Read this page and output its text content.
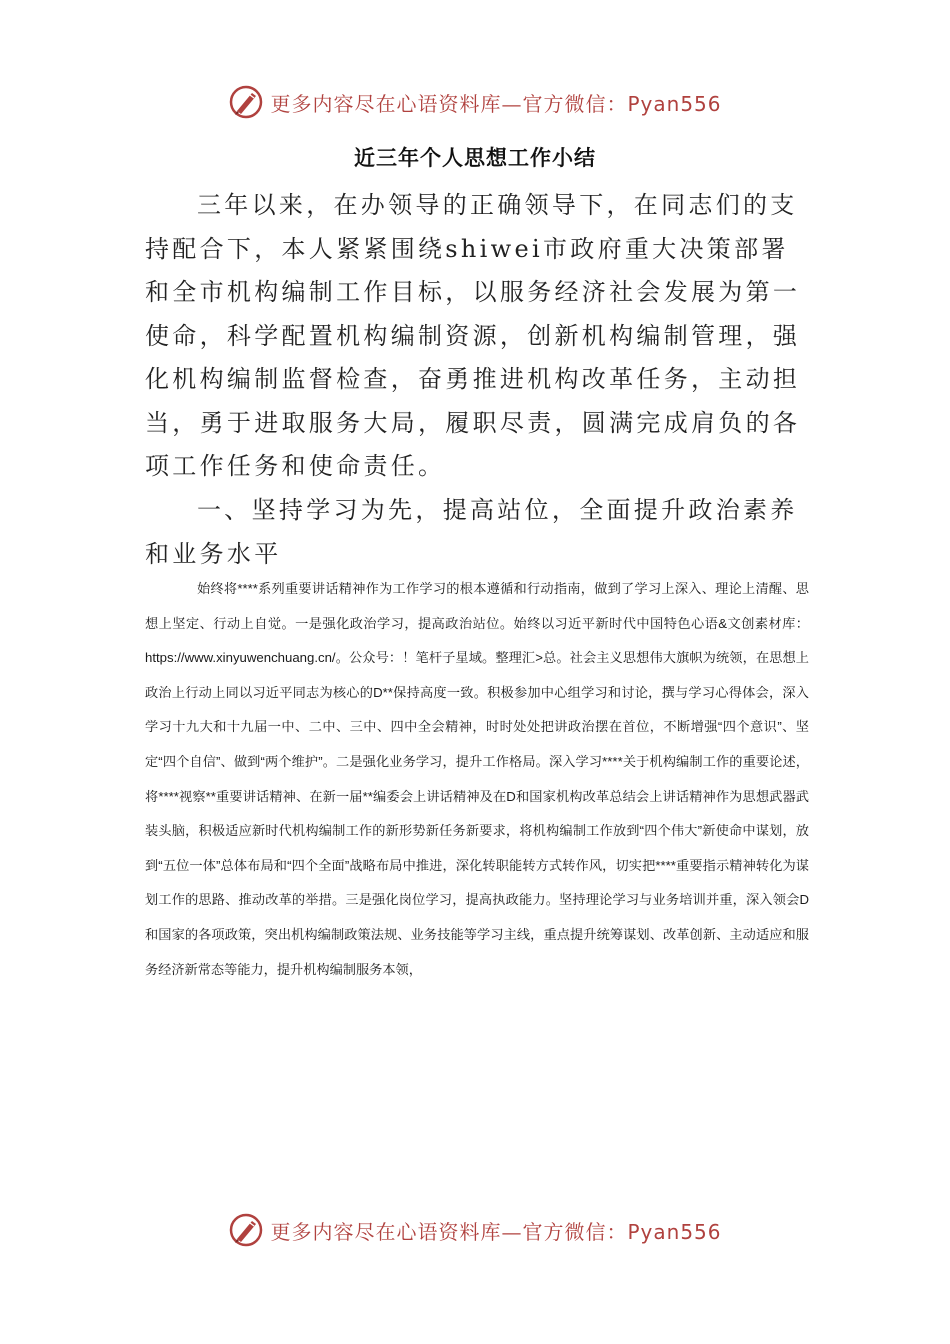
更多内容尽在心语资料库—官方微信：Pyan556
近三年个人思想工作小结

三年以来，在办领导的正确领导下，在同志们的支持配合下，本人紧紧围绕shiwei市政府重大决策部署和全市机构编制工作目标，以服务经济社会发展为第一使命，科学配置机构编制资源，创新机构编制管理，强化机构编制监督检查，奋勇推进机构改革任务，主动担当，勇于进取服务大局，履职尽责，圆满完成肩负的各项工作任务和使命责任。

一、坚持学习为先，提高站位，全面提升政治素养和业务水平

始终将****系列重要讲话精神作为工作学习的根本遵循和行动指南，做到了学习上深入、理论上清醒、思想上坚定、行动上自觉。一是强化政治学习，提高政治站位。始终以习近平新时代中国特色心语&文创素材库：https://www.xinyuwenchuang.cn/。公众号：！笔杆子星域。整理汇>总。社会主义思想伟大旗帜为统领，在思想上政治上行动上同以习近平同志为核心的D**保持高度一致。积极参加中心组学习和讨论，撰与学习心得体会，深入学习十九大和十九届一中、二中、三中、四中全会精神，时时处处把讲政治摆在首位，不断增强“四个意识”、坚定“四个自信”、做到“两个维护”。二是强化业务学习，提升工作格局。深入学习****关于机构编制工作的重要论述，将****视察**重要讲话精神、在新一届**编委会上讲话精神及在D和国家机构改革总结会上讲话精神作为思想武器武装头脑，积极适应新时代机构编制工作的新形势新任务新要求，将机构编制工作放到“四个伟大”新使命中谋划，放到“五位一体”总体布局和“四个全面”战略布局中推进，深化转职能转方式转作风，切实把****重要指示精神转化为谋划工作的思路、推动改革的举措。三是强化岗位学习，提高执政能力。坚持理论学习与业务培训并重，深入领会D和国家的各项政策，突出机构编制政策法规、业务技能等学习主线，重点提升统筹谋划、改革创新、主动适应和服务经济新常态等能力，提升机构编制服务本领，

更多内容尽在心语资料库—官方微信：Pyan556
